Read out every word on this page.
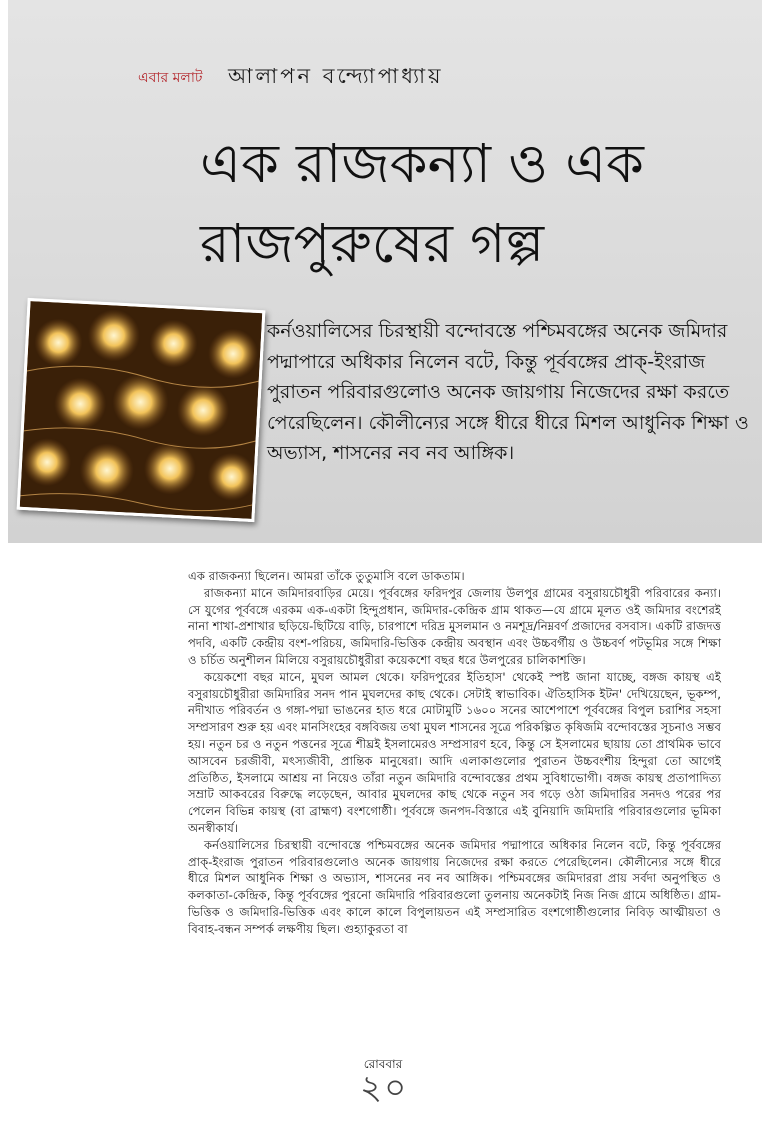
এবার মলাট আলাপন বন্দ্যোপাধ্যায়
এক রাজকন্যা ও এক রাজপুরুষের গল্প

কর্নওয়ালিসের চিরস্থায়ী বন্দোবস্তে পশ্চিমবঙ্গের অনেক জমিদার পদ্মাপারে অধিকার নিলেন বটে, কিন্তু পূর্ববঙ্গের প্রাক্-ইংরাজ পুরাতন পরিবারগুলোও অনেক জায়গায় নিজেদের রক্ষা করতে পেরেছিলেন। কৌলীন্যের সঙ্গে ধীরে ধীরে মিশল আধুনিক শিক্ষা ও অভ্যাস, শাসনের নব নব আঙ্গিক।

এক রাজকন্যা ছিলেন। আমরা তাঁকে তুতুমাসি বলে ডাকতাম।

রাজকন্যা মানে জমিদারবাড়ির মেয়ে। পূর্ববঙ্গের ফরিদপুর জেলায় উলপুর গ্রামের বসুরায়চৌধুরী পরিবারের কন্যা। সে যুগের পূর্ববঙ্গে এরকম এক-একটা হিন্দুপ্রধান, জমিদার-কেন্দ্রিক গ্রাম থাকত—যে গ্রামে মূলত ওই জমিদার বংশেরই নানা শাখা-প্রশাখার ছড়িয়ে-ছিটিয়ে বাড়ি, চারপাশে দরিদ্র মুসলমান ও নমশূদ্র/নিম্নবর্ণ প্রজাদের বসবাস। একটি রাজদত্ত পদবি, একটি কেন্দ্রীয় বংশ-পরিচয়, জমিদারি-ভিত্তিক কেন্দ্রীয় অবস্থান এবং উচ্চবর্গীয় ও উচ্চবর্ণ পটভূমির সঙ্গে শিক্ষা ও চর্চিত অনুশীলন মিলিয়ে বসুরায়চৌধুরীরা কয়েকশো বছর ধরে উলপুরের চালিকাশক্তি।

কয়েকশো বছর মানে, মুঘল আমল থেকে। ফরিদপুরের ইতিহাস' থেকেই স্পষ্ট জানা যাচ্ছে, বঙ্গজ কায়স্থ এই বসুরায়চৌধুরীরা জমিদারির সনদ পান মুঘলদের কাছ থেকে। সেটাই স্বাভাবিক। ঐতিহাসিক ইটন' দেখিয়েছেন, ভূকম্প, নদীখাত পরিবর্তন ও গঙ্গা-পদ্মা ভাঙনের হাত ধরে মোটামুটি ১৬০০ সনের আশেপাশে পূর্ববঙ্গের বিপুল চরাশির সহসা সম্প্রসারণ শুরু হয় এবং মানসিংহের বঙ্গবিজয় তথা মুঘল শাসনের সূত্রে পরিকল্পিত কৃষিজমি বন্দোবস্তের সূচনাও সম্ভব হয়। নতুন চর ও নতুন পত্তনের সূত্রে শীঘ্রই ইসলামেরও সম্প্রসারণ হবে, কিন্তু সে ইসলামের ছায়ায় তো প্রাথমিক ভাবে আসবেন চরজীবী, মৎস্যজীবী, প্রান্তিক মানুষেরা। আদি এলাকাগুলোর পুরাতন উচ্চবংশীয় হিন্দুরা তো আগেই প্রতিষ্ঠিত, ইসলামে আশ্রয় না নিয়েও তাঁরা নতুন জমিদারি বন্দোবস্তের প্রথম সুবিধাভোগী। বঙ্গজ কায়স্থ প্রতাপাদিত্য সম্রাট আকবরের বিরুদ্ধে লড়েছেন, আবার মুঘলদের কাছ থেকে নতুন সব গড়ে ওঠা জমিদারির সনদও পরের পর পেলেন বিভিন্ন কায়স্থ (বা ব্রাহ্মণ) বংশগোষ্ঠী। পূর্ববঙ্গে জনপদ-বিস্তারে এই বুনিয়াদি জমিদারি পরিবারগুলোর ভূমিকা অনস্বীকার্য।

কর্নওয়ালিসের চিরস্থায়ী বন্দোবস্তে পশ্চিমবঙ্গের অনেক জমিদার পদ্মাপারে অধিকার নিলেন বটে, কিন্তু পূর্ববঙ্গের প্রাক্-ইংরাজ পুরাতন পরিবারগুলোও অনেক জায়গায় নিজেদের রক্ষা করতে পেরেছিলেন। কৌলীন্যের সঙ্গে ধীরে ধীরে মিশল আধুনিক শিক্ষা ও অভ্যাস, শাসনের নব নব আঙ্গিক। পশ্চিমবঙ্গের জমিদাররা প্রায় সর্বদা অনুপস্থিত ও কলকাতা-কেন্দ্রিক, কিন্তু পূর্ববঙ্গের পুরনো জমিদারি পরিবারগুলো তুলনায় অনেকটাই নিজ নিজ গ্রামে অধিষ্ঠিত। গ্রাম-ভিত্তিক ও জমিদারি-ভিত্তিক এবং কালে কালে বিপুলায়তন এই সম্প্রসারিত বংশগোষ্ঠীগুলোর নিবিড় আত্মীয়তা ও বিবাহ-বন্ধন সম্পর্ক লক্ষণীয় ছিল। গুহ্যাকুরতা বা

রোববার
২০
